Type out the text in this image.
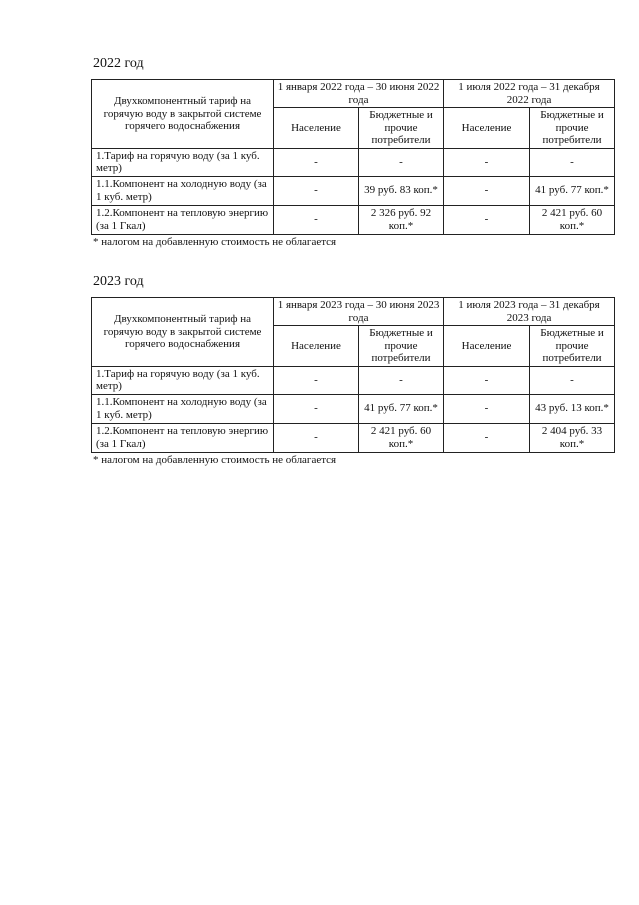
2022 год
Двухкомпонентный тариф на горячую воду в закрытой системе горячего водоснабжения	1 января 2022 года – 30 июня 2022 года		1 июля 2022 года – 31 декабря 2022 года	
	Население	Бюджетные и прочие потребители	Население	Бюджетные и прочие потребители
1.Тариф на горячую воду (за 1 куб. метр)	-	-	-	-
1.1.Компонент на холодную воду (за 1 куб. метр)	-	39 руб. 83 коп.*	-	41 руб. 77 коп.*
1.2.Компонент на тепловую энергию (за 1 Гкал)	-	2 326 руб. 92 коп.*	-	2 421 руб. 60 коп.*
* налогом на добавленную стоимость не облагается
2023 год
Двухкомпонентный тариф на горячую воду в закрытой системе горячего водоснабжения	1 января 2023 года – 30 июня 2023 года		1 июля 2023 года – 31 декабря 2023 года	
	Население	Бюджетные и прочие потребители	Население	Бюджетные и прочие потребители
1.Тариф на горячую воду (за 1 куб. метр)	-	-	-	-
1.1.Компонент на холодную воду (за 1 куб. метр)	-	41 руб. 77 коп.*	-	43 руб. 13 коп.*
1.2.Компонент на тепловую энергию (за 1 Гкал)	-	2 421 руб. 60 коп.*	-	2 404 руб. 33 коп.*
* налогом на добавленную стоимость не облагается
